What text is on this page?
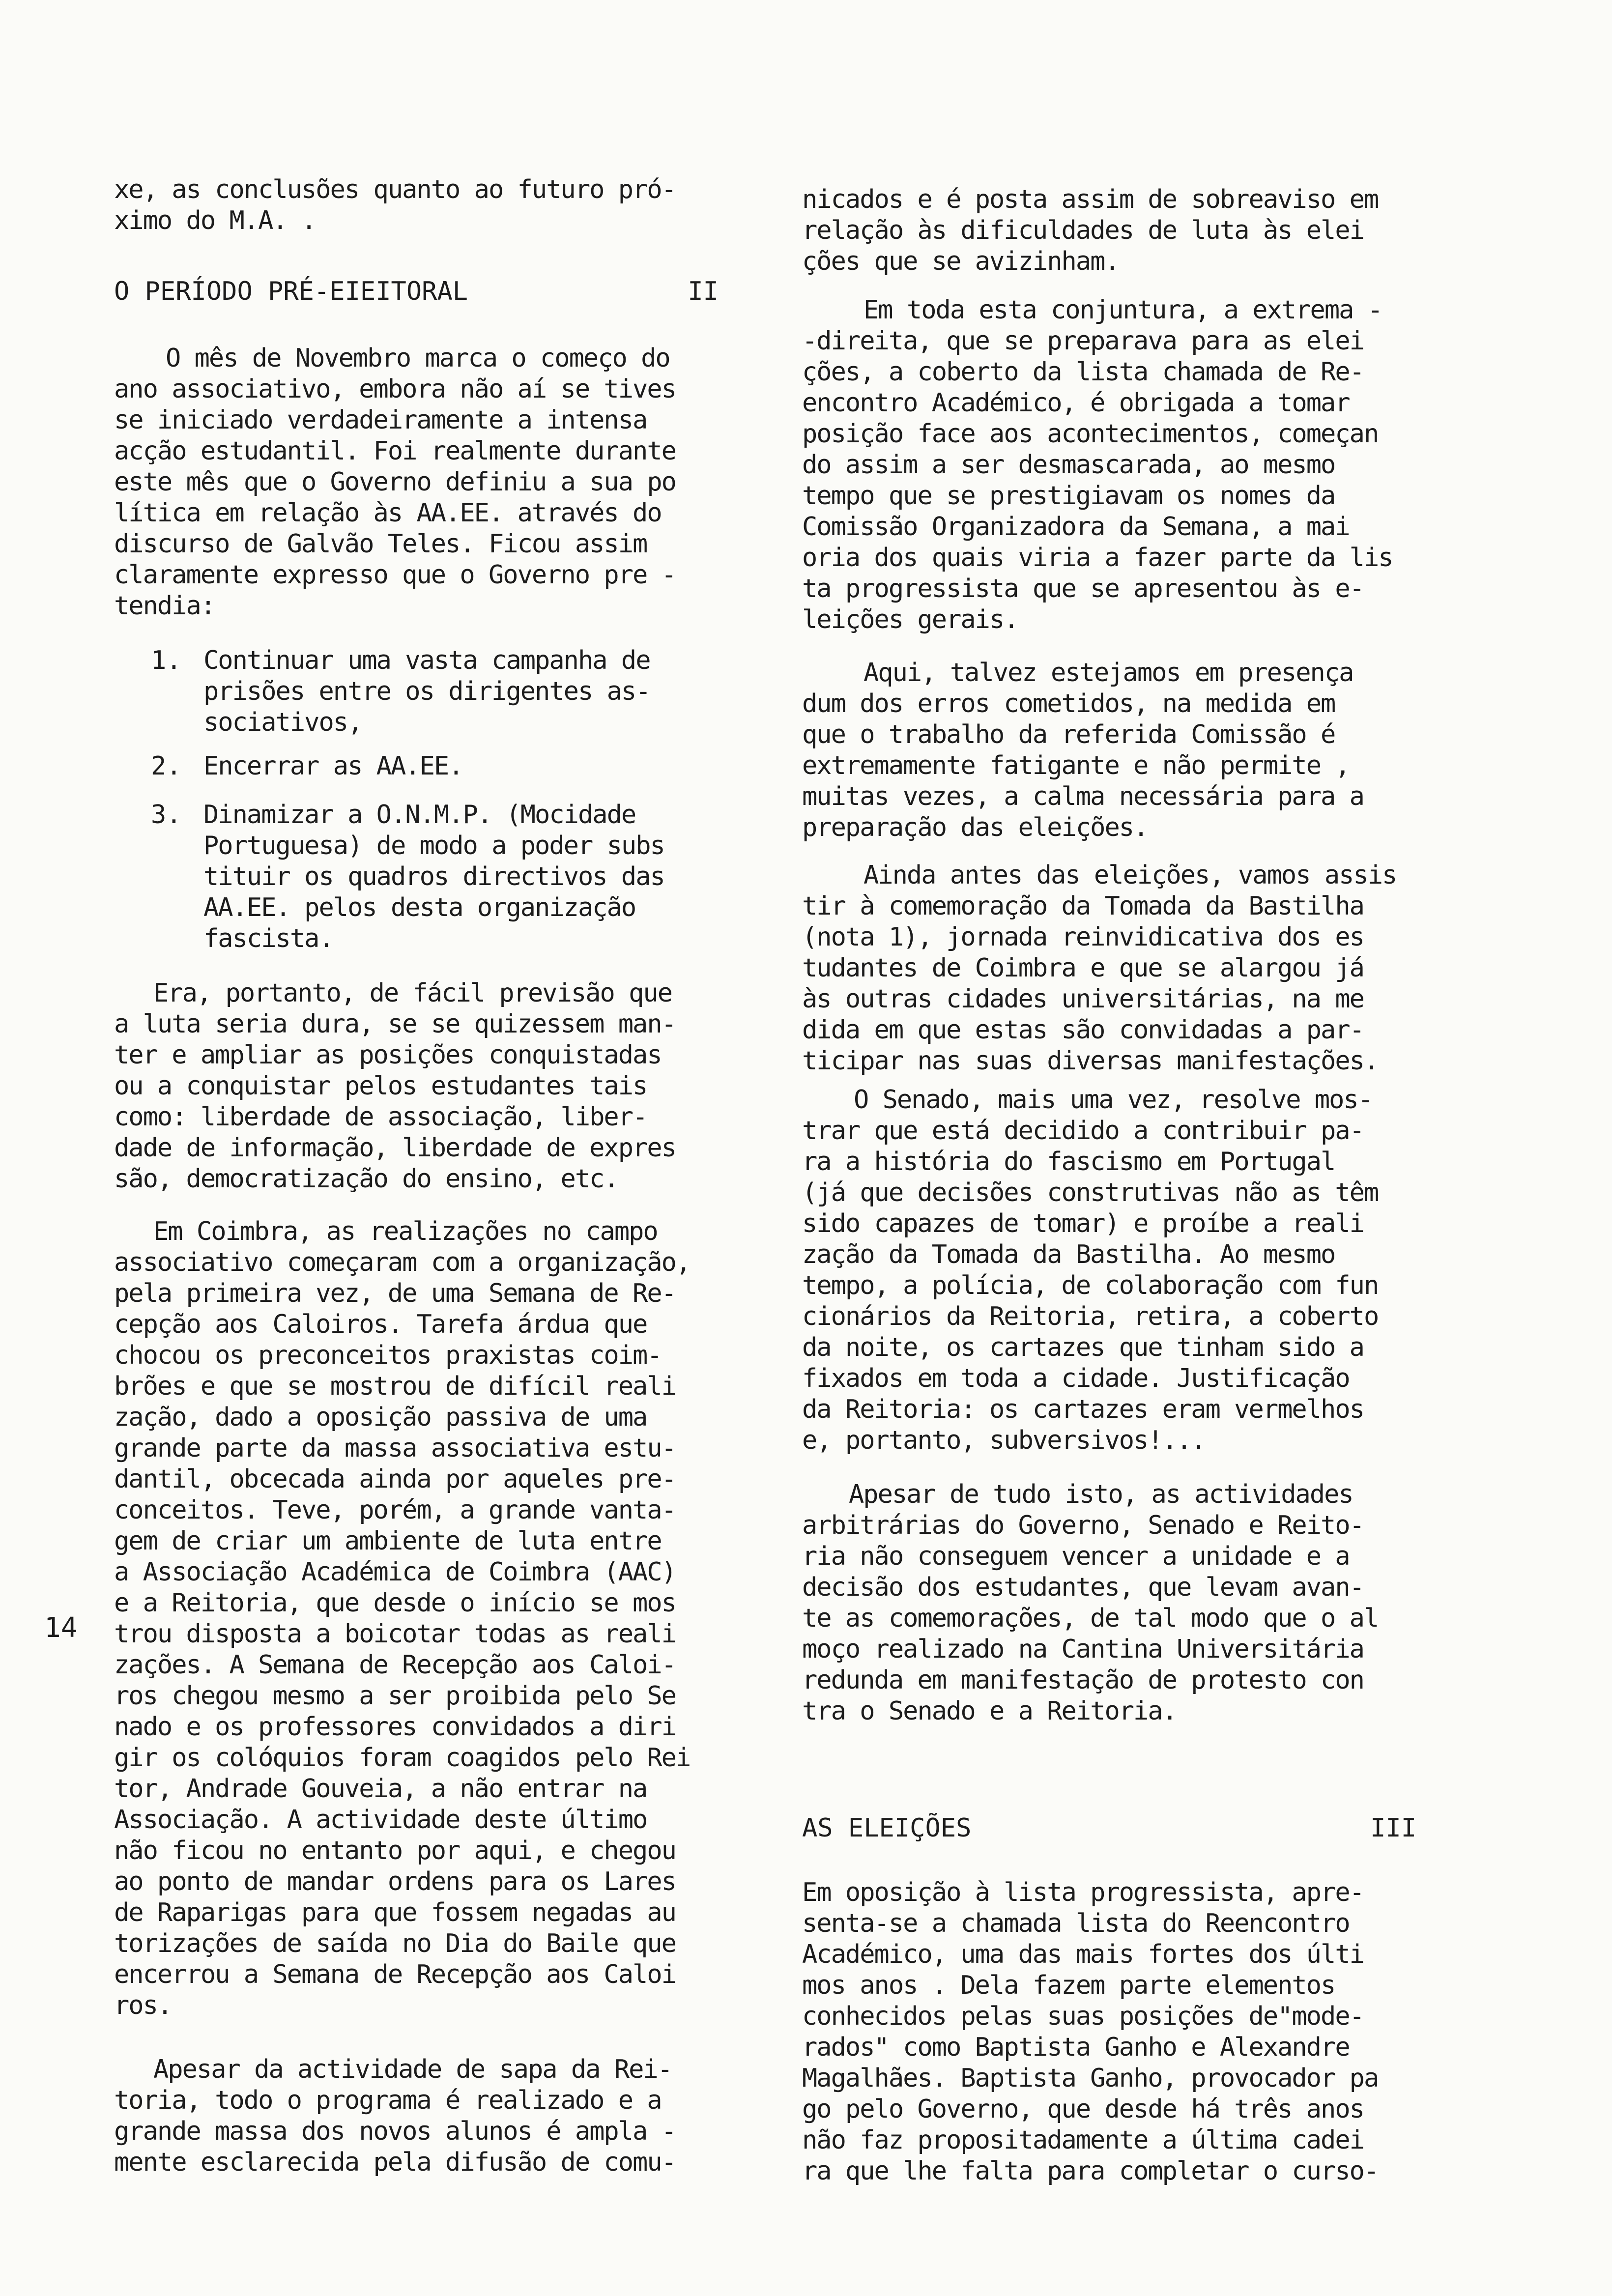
14
xe, as conclusões quanto ao futuro pró-
ximo do M.A. .
O PERÍODO PRÉ-EIEITORAL	II
O mês de Novembro marca o começo do
ano associativo, embora não aí se tives
se iniciado verdadeiramente a intensa
acção estudantil. Foi realmente durante
este mês que o Governo definiu a sua po
lítica em relação às AA.EE. através do
discurso de Galvão Teles. Ficou assim
claramente expresso que o Governo pre -
tendia:
1. Continuar uma vasta campanha de
prisões entre os dirigentes as-
sociativos,
2. Encerrar as AA.EE.
3. Dinamizar a O.N.M.P. (Mocidade
Portuguesa) de modo a poder subs
tituir os quadros directivos das
AA.EE. pelos desta organização
fascista.
Era, portanto, de fácil previsão que
a luta seria dura, se se quizessem man-
ter e ampliar as posições conquistadas
ou a conquistar pelos estudantes tais
como: liberdade de associação, liber-
dade de informação, liberdade de expres
são, democratização do ensino, etc.
Em Coimbra, as realizações no campo
associativo começaram com a organização,
pela primeira vez, de uma Semana de Re-
cepção aos Caloiros. Tarefa árdua que
chocou os preconceitos praxistas coim-
brões e que se mostrou de difícil reali
zação, dado a oposição passiva de uma
grande parte da massa associativa estu-
dantil, obcecada ainda por aqueles pre-
conceitos. Teve, porém, a grande vanta-
gem de criar um ambiente de luta entre
a Associação Académica de Coimbra (AAC)
e a Reitoria, que desde o início se mos
trou disposta a boicotar todas as reali
zações. A Semana de Recepção aos Caloi-
ros chegou mesmo a ser proibida pelo Se
nado e os professores convidados a diri
gir os colóquios foram coagidos pelo Rei
tor, Andrade Gouveia, a não entrar na
Associação. A actividade deste último
não ficou no entanto por aqui, e chegou
ao ponto de mandar ordens para os Lares
de Raparigas para que fossem negadas au
torizações de saída no Dia do Baile que
encerrou a Semana de Recepção aos Caloi
ros.
Apesar da actividade de sapa da Rei-
toria, todo o programa é realizado e a
grande massa dos novos alunos é ampla -
mente esclarecida pela difusão de comu-
nicados e é posta assim de sobreaviso em
relação às dificuldades de luta às elei
ções que se avizinham.
Em toda esta conjuntura, a extrema -
-direita, que se preparava para as elei
ções, a coberto da lista chamada de Re-
encontro Académico, é obrigada a tomar
posição face aos acontecimentos, começan
do assim a ser desmascarada, ao mesmo
tempo que se prestigiavam os nomes da
Comissão Organizadora da Semana, a mai
oria dos quais viria a fazer parte da lis
ta progressista que se apresentou às e-
leições gerais.
Aqui, talvez estejamos em presença
dum dos erros cometidos, na medida em
que o trabalho da referida Comissão é
extremamente fatigante e não permite ,
muitas vezes, a calma necessária para a
preparação das eleições.
Ainda antes das eleições, vamos assis
tir à comemoração da Tomada da Bastilha
(nota 1), jornada reinvidicativa dos es
tudantes de Coimbra e que se alargou já
às outras cidades universitárias, na me
dida em que estas são convidadas a par-
ticipar nas suas diversas manifestações.
O Senado, mais uma vez, resolve mos-
trar que está decidido a contribuir pa-
ra a história do fascismo em Portugal
(já que decisões construtivas não as têm
sido capazes de tomar) e proíbe a reali
zação da Tomada da Bastilha. Ao mesmo
tempo, a polícia, de colaboração com fun
cionários da Reitoria, retira, a coberto
da noite, os cartazes que tinham sido a
fixados em toda a cidade. Justificação
da Reitoria: os cartazes eram vermelhos
e, portanto, subversivos!...
Apesar de tudo isto, as actividades
arbitrárias do Governo, Senado e Reito-
ria não conseguem vencer a unidade e a
decisão dos estudantes, que levam avan-
te as comemorações, de tal modo que o al
moço realizado na Cantina Universitária
redunda em manifestação de protesto con
tra o Senado e a Reitoria.
AS ELEIÇÕES	III
Em oposição à lista progressista, apre-
senta-se a chamada lista do Reencontro
Académico, uma das mais fortes dos últi
mos anos . Dela fazem parte elementos
conhecidos pelas suas posições de"mode-
rados" como Baptista Ganho e Alexandre
Magalhães. Baptista Ganho, provocador pa
go pelo Governo, que desde há três anos
não faz propositadamente a última cadei
ra que lhe falta para completar o curso-
